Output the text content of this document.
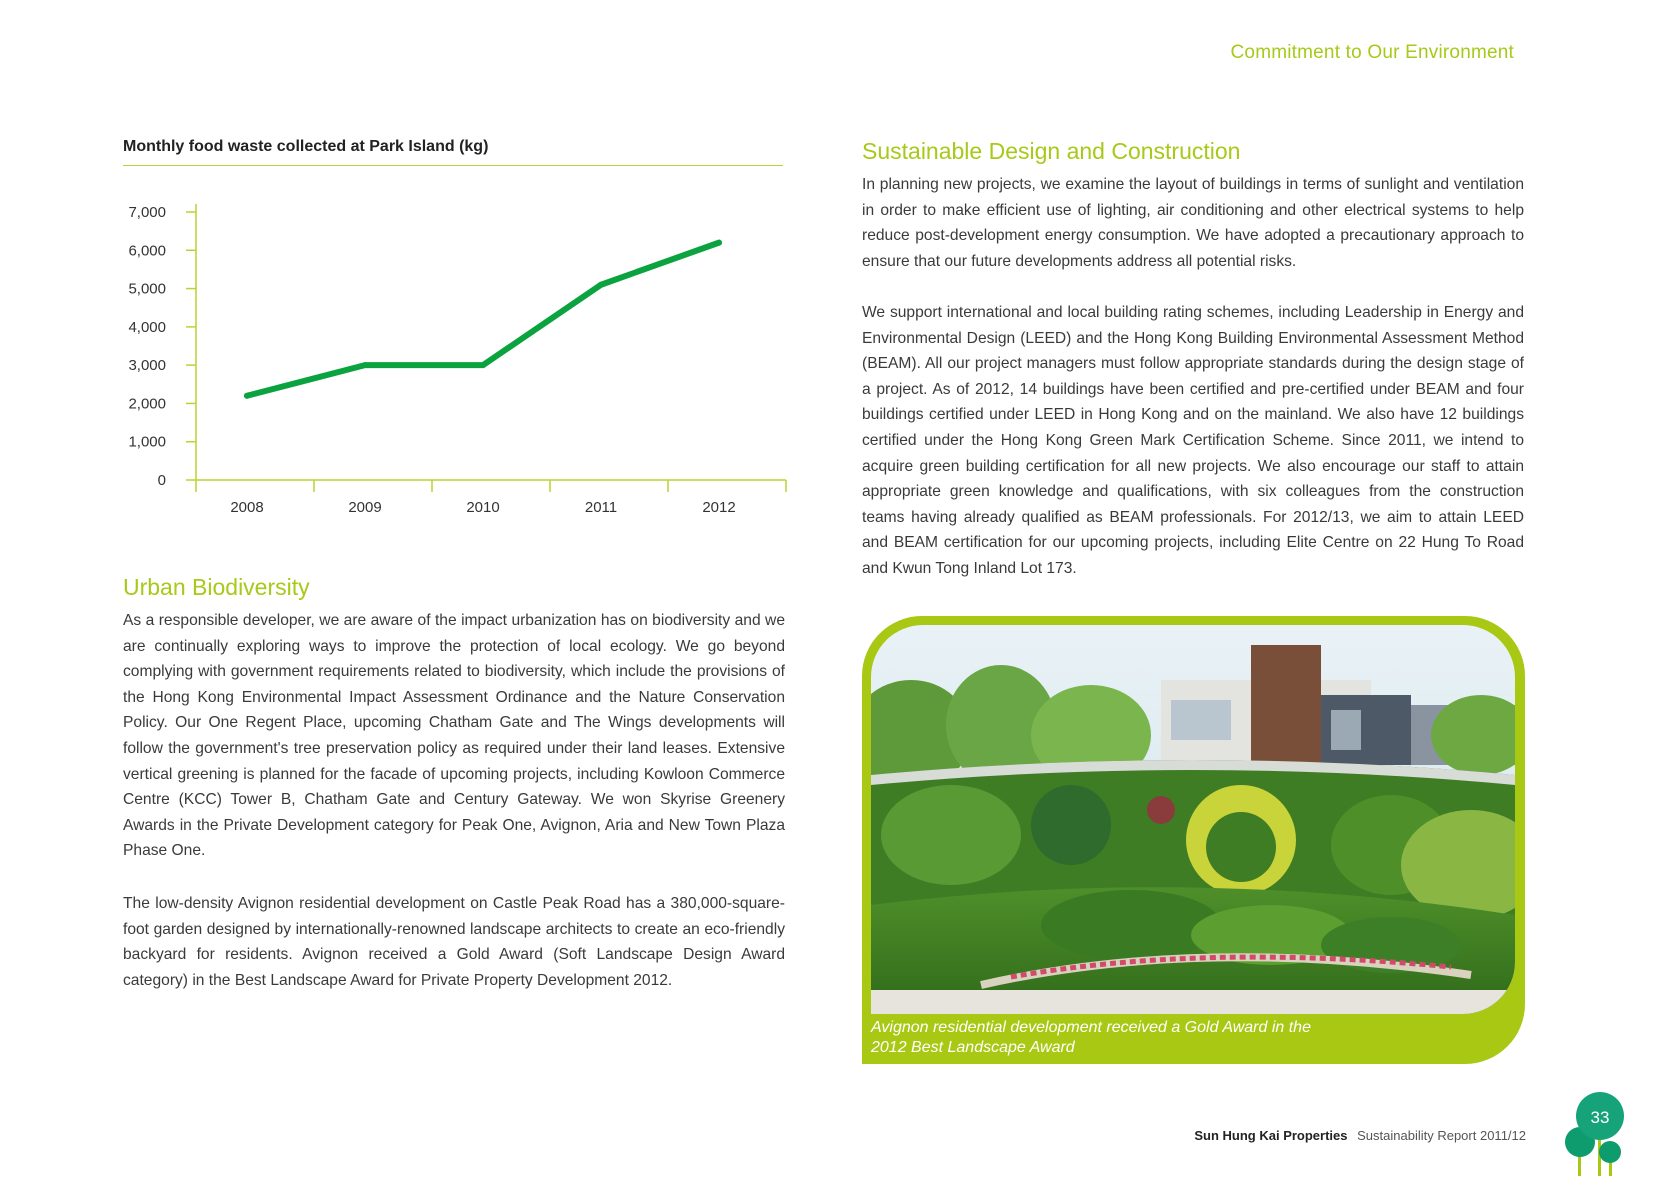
Commitment to Our Environment
Monthly food waste collected at Park Island (kg)
0
1,000
2,000
3,000
4,000
5,000
6,000
7,000
2008	2009	2010	2011	2012
Urban Biodiversity

As a responsible developer, we are aware of the impact urbanization has on biodiversity and we are continually exploring ways to improve the protection of local ecology. We go beyond complying with government requirements related to biodiversity, which include the provisions of the Hong Kong Environmental Impact Assessment Ordinance and the Nature Conservation Policy. Our One Regent Place, upcoming Chatham Gate and The Wings developments will follow the government's tree preservation policy as required under their land leases. Extensive vertical greening is planned for the facade of upcoming projects, including Kowloon Commerce Centre (KCC) Tower B, Chatham Gate and Century Gateway. We won Skyrise Greenery Awards in the Private Development category for Peak One, Avignon, Aria and New Town Plaza Phase One.

The low-density Avignon residential development on Castle Peak Road has a 380,000-square-foot garden designed by internationally-renowned landscape architects to create an eco-friendly backyard for residents. Avignon received a Gold Award (Soft Landscape Design Award category) in the Best Landscape Award for Private Property Development 2012.

Sustainable Design and Construction

In planning new projects, we examine the layout of buildings in terms of sunlight and ventilation in order to make efficient use of lighting, air conditioning and other electrical systems to help reduce post-development energy consumption. We have adopted a precautionary approach to ensure that our future developments address all potential risks.

We support international and local building rating schemes, including Leadership in Energy and Environmental Design (LEED) and the Hong Kong Building Environmental Assessment Method (BEAM). All our project managers must follow appropriate standards during the design stage of a project. As of 2012, 14 buildings have been certified and pre-certified under BEAM and four buildings certified under LEED in Hong Kong and on the mainland. We also have 12 buildings certified under the Hong Kong Green Mark Certification Scheme. Since 2011, we intend to acquire green building certification for all new projects. We also encourage our staff to attain appropriate green knowledge and qualifications, with six colleagues from the construction teams having already qualified as BEAM professionals. For 2012/13, we aim to attain LEED and BEAM certification for our upcoming projects, including Elite Centre on 22 Hung To Road and Kwun Tong Inland Lot 173.

Avignon residential development received a Gold Award in the 2012 Best Landscape Award
Sun Hung Kai Properties Sustainability Report 2011/12
33
